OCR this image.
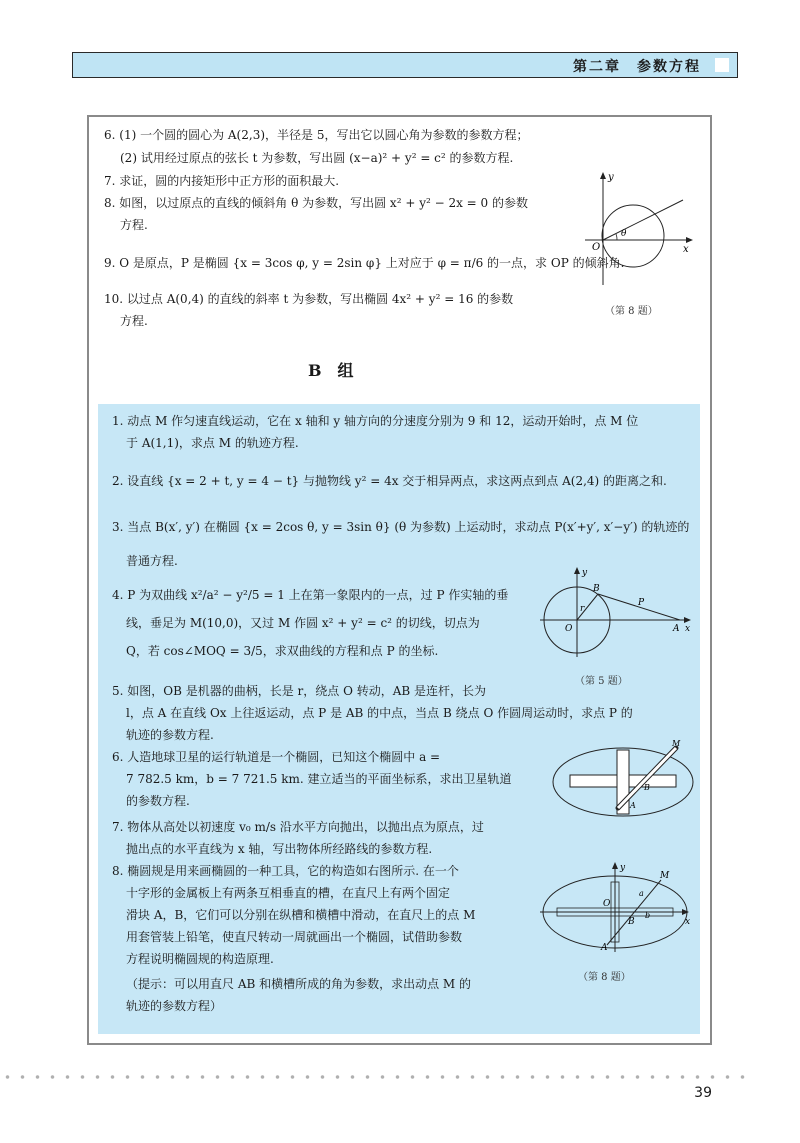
第二章　参数方程
6. (1) 一个圆的圆心为 A(2,3)，半径是 5，写出它以圆心角为参数的参数方程；
(2) 试用经过原点的弦长 t 为参数，写出圆 (x−a)² + y² = c² 的参数方程.
7. 求证，圆的内接矩形中正方形的面积最大.
8. 如图，以过原点的直线的倾斜角 θ 为参数，写出圆 x² + y² − 2x = 0 的参数
方程.
9. O 是原点，P 是椭圆 {x = 3cos φ, y = 2sin φ} 上对应于 φ = π/6 的一点，求 OP 的倾斜角.
10. 以过点 A(0,4) 的直线的斜率 t 为参数，写出椭圆 4x² + y² = 16 的参数
方程.
y
x
O
θ
（第 8 题）
B　组
1. 动点 M 作匀速直线运动，它在 x 轴和 y 轴方向的分速度分别为 9 和 12，运动开始时，点 M 位
于 A(1,1)，求点 M 的轨迹方程.
2. 设直线 {x = 2 + t, y = 4 − t} 与抛物线 y² = 4x 交于相异两点，求这两点到点 A(2,4) 的距离之和.
3. 当点 B(x′, y′) 在椭圆 {x = 2cos θ, y = 3sin θ} (θ 为参数) 上运动时，求动点 P(x′+y′, x′−y′) 的轨迹的
普通方程.
4. P 为双曲线 x²/a² − y²/5 = 1 上在第一象限内的一点，过 P 作实轴的垂
线，垂足为 M(10,0)，又过 M 作圆 x² + y² = c² 的切线，切点为
Q，若 cos∠MOQ = 3/5，求双曲线的方程和点 P 的坐标.
y
B
P
r
O	A x
（第 5 题）
5. 如图，OB 是机器的曲柄，长是 r，绕点 O 转动，AB 是连杆，长为
l，点 A 在直线 Ox 上往返运动，点 P 是 AB 的中点，当点 B 绕点 O 作圆周运动时，求点 P 的
轨迹的参数方程.
6. 人造地球卫星的运行轨道是一个椭圆，已知这个椭圆中 a =
7 782.5 km，b = 7 721.5 km. 建立适当的平面坐标系，求出卫星轨道
的参数方程.
M
B
A
7. 物体从高处以初速度 v₀ m/s 沿水平方向抛出，以抛出点为原点，过
抛出点的水平直线为 x 轴，写出物体所经路线的参数方程.
8. 椭圆规是用来画椭圆的一种工具，它的构造如右图所示. 在一个
十字形的金属板上有两条互相垂直的槽，在直尺上有两个固定
滑块 A，B，它们可以分别在纵槽和横槽中滑动，在直尺上的点 M
用套管装上铅笔，使直尺转动一周就画出一个椭圆，试借助参数
方程说明椭圆规的构造原理.
（提示：可以用直尺 AB 和横槽所成的角为参数，求出动点 M 的
轨迹的参数方程）
y
M
O
B
A
a
b
x
（第 8 题）
39
